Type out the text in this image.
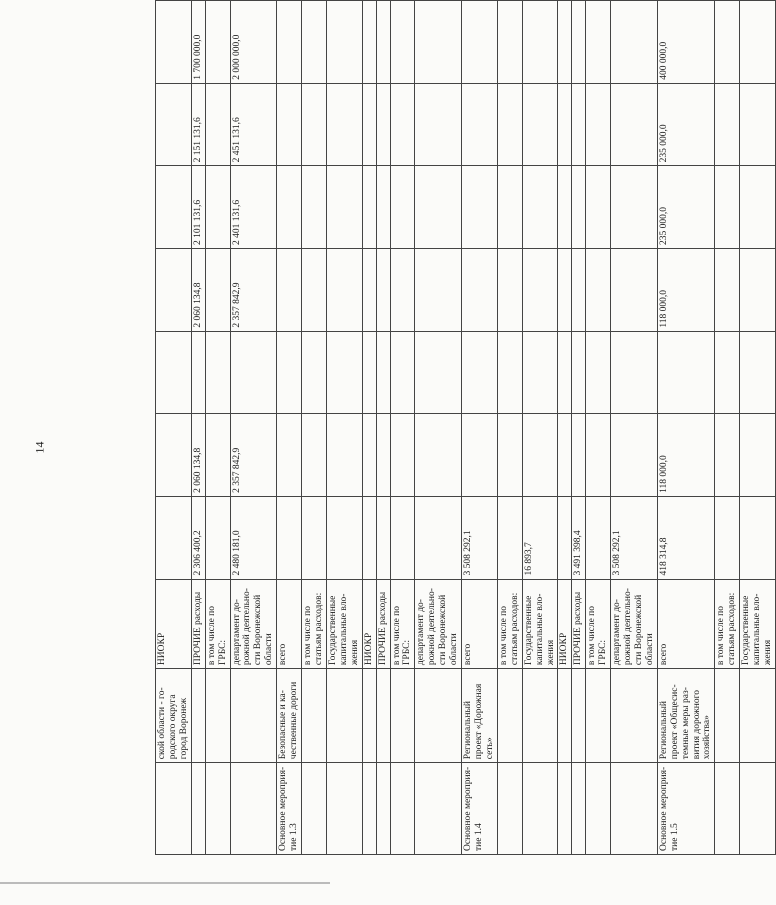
14
	ской области - го-родского округа город Воронеж	НИОКР							
		ПРОЧИЕ расходы	2 306 400,2	2 060 134,8		2 060 134,8	2 101 131,6	2 151 131,6	1 700 000,0
		в том числе по ГРБС:							
		департамент до-рожной деятельно-сти Воронежской области	2 480 181,0	2 357 842,9		2 357 842,9	2 401 131,6	2 451 131,6	2 000 000,0
Основное мероприя-тие 1.3	Безопасные и ка-чественные дороги	всего							
		в том числе по статьям расходов:							
		Государственные капитальные вло-жения							
		НИОКР							
		ПРОЧИЕ расходы							
		в том числе по ГРБС:							
		департамент до-рожной деятельно-сти Воронежской области							
Основное мероприя-тие 1.4	Региональный проект «Дорожная сеть»	всего	3 508 292,1						
		в том числе по статьям расходов:							
		Государственные капитальные вло-жения	16 893,7						
		НИОКР							
		ПРОЧИЕ расходы	3 491 398,4						
		в том числе по ГРБС:							
		департамент до-рожной деятельно-сти Воронежской области	3 508 292,1						
Основное мероприя-тие 1.5	Региональный проект «Общесис-темные меры раз-вития дорожного хозяйства»	всего	418 314,8	118 000,0		118 000,0	235 000,0	235 000,0	400 000,0
		в том числе по статьям расходов:							
		Государственные капитальные вло-жения							
